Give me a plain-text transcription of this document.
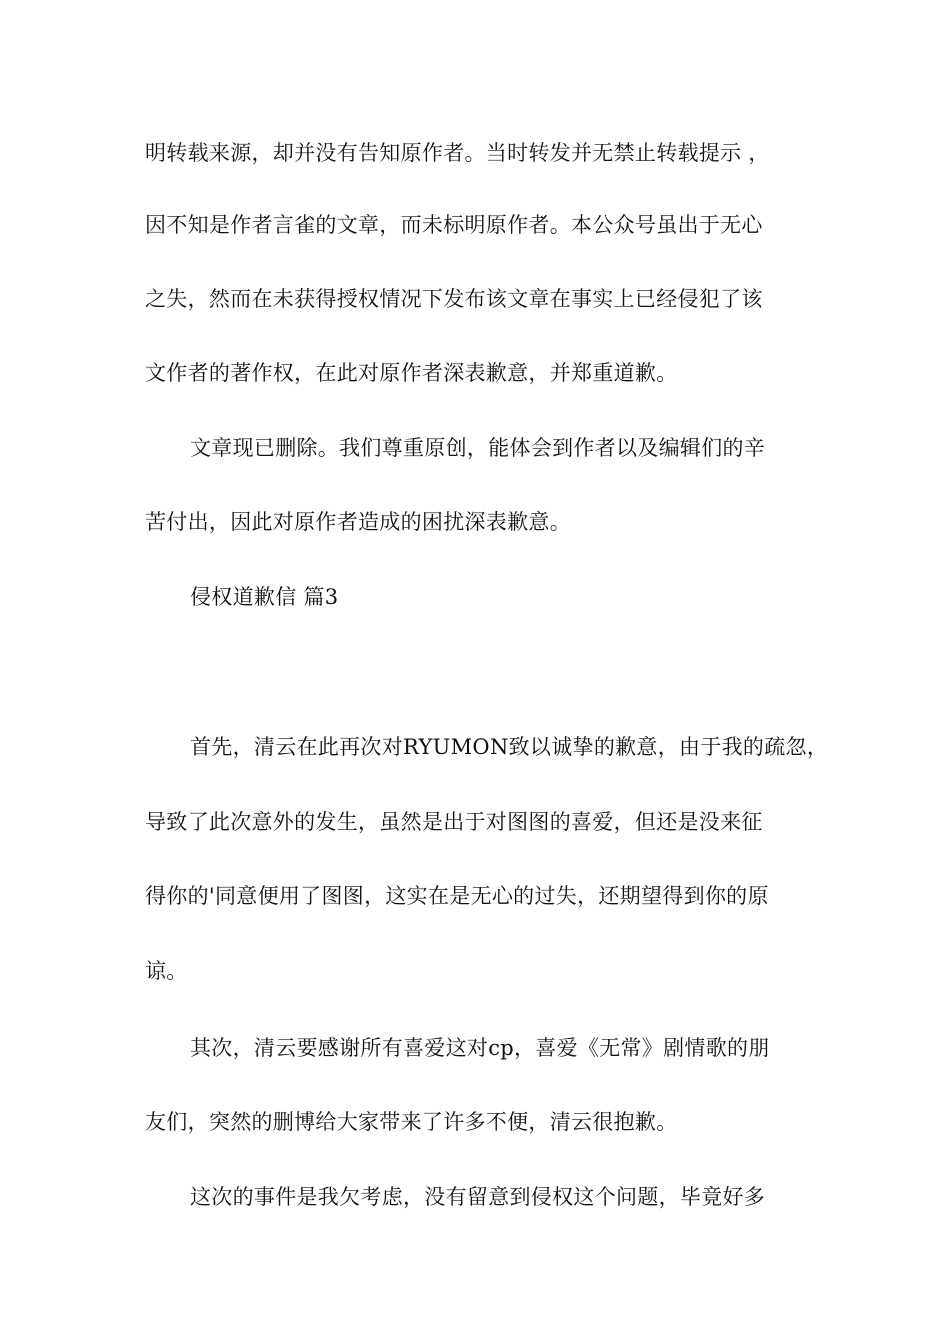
明转载来源，却并没有告知原作者。当时转发并无禁止转载提示 ，
因不知是作者言雀的文章，而未标明原作者。本公众号虽出于无心
之失，然而在未获得授权情况下发布该文章在事实上已经侵犯了该
文作者的著作权，在此对原作者深表歉意，并郑重道歉。
文章现已删除。我们尊重原创，能体会到作者以及编辑们的辛
苦付出，因此对原作者造成的困扰深表歉意。
侵权道歉信 篇3
首先，清云在此再次对RYUMON致以诚挚的歉意，由于我的疏忽，
导致了此次意外的发生，虽然是出于对图图的喜爱，但还是没来征
得你的'同意便用了图图，这实在是无心的过失，还期望得到你的原
谅。
其次，清云要感谢所有喜爱这对cp，喜爱《无常》剧情歌的朋
友们，突然的删博给大家带来了许多不便，清云很抱歉。
这次的事件是我欠考虑，没有留意到侵权这个问题，毕竟好多
